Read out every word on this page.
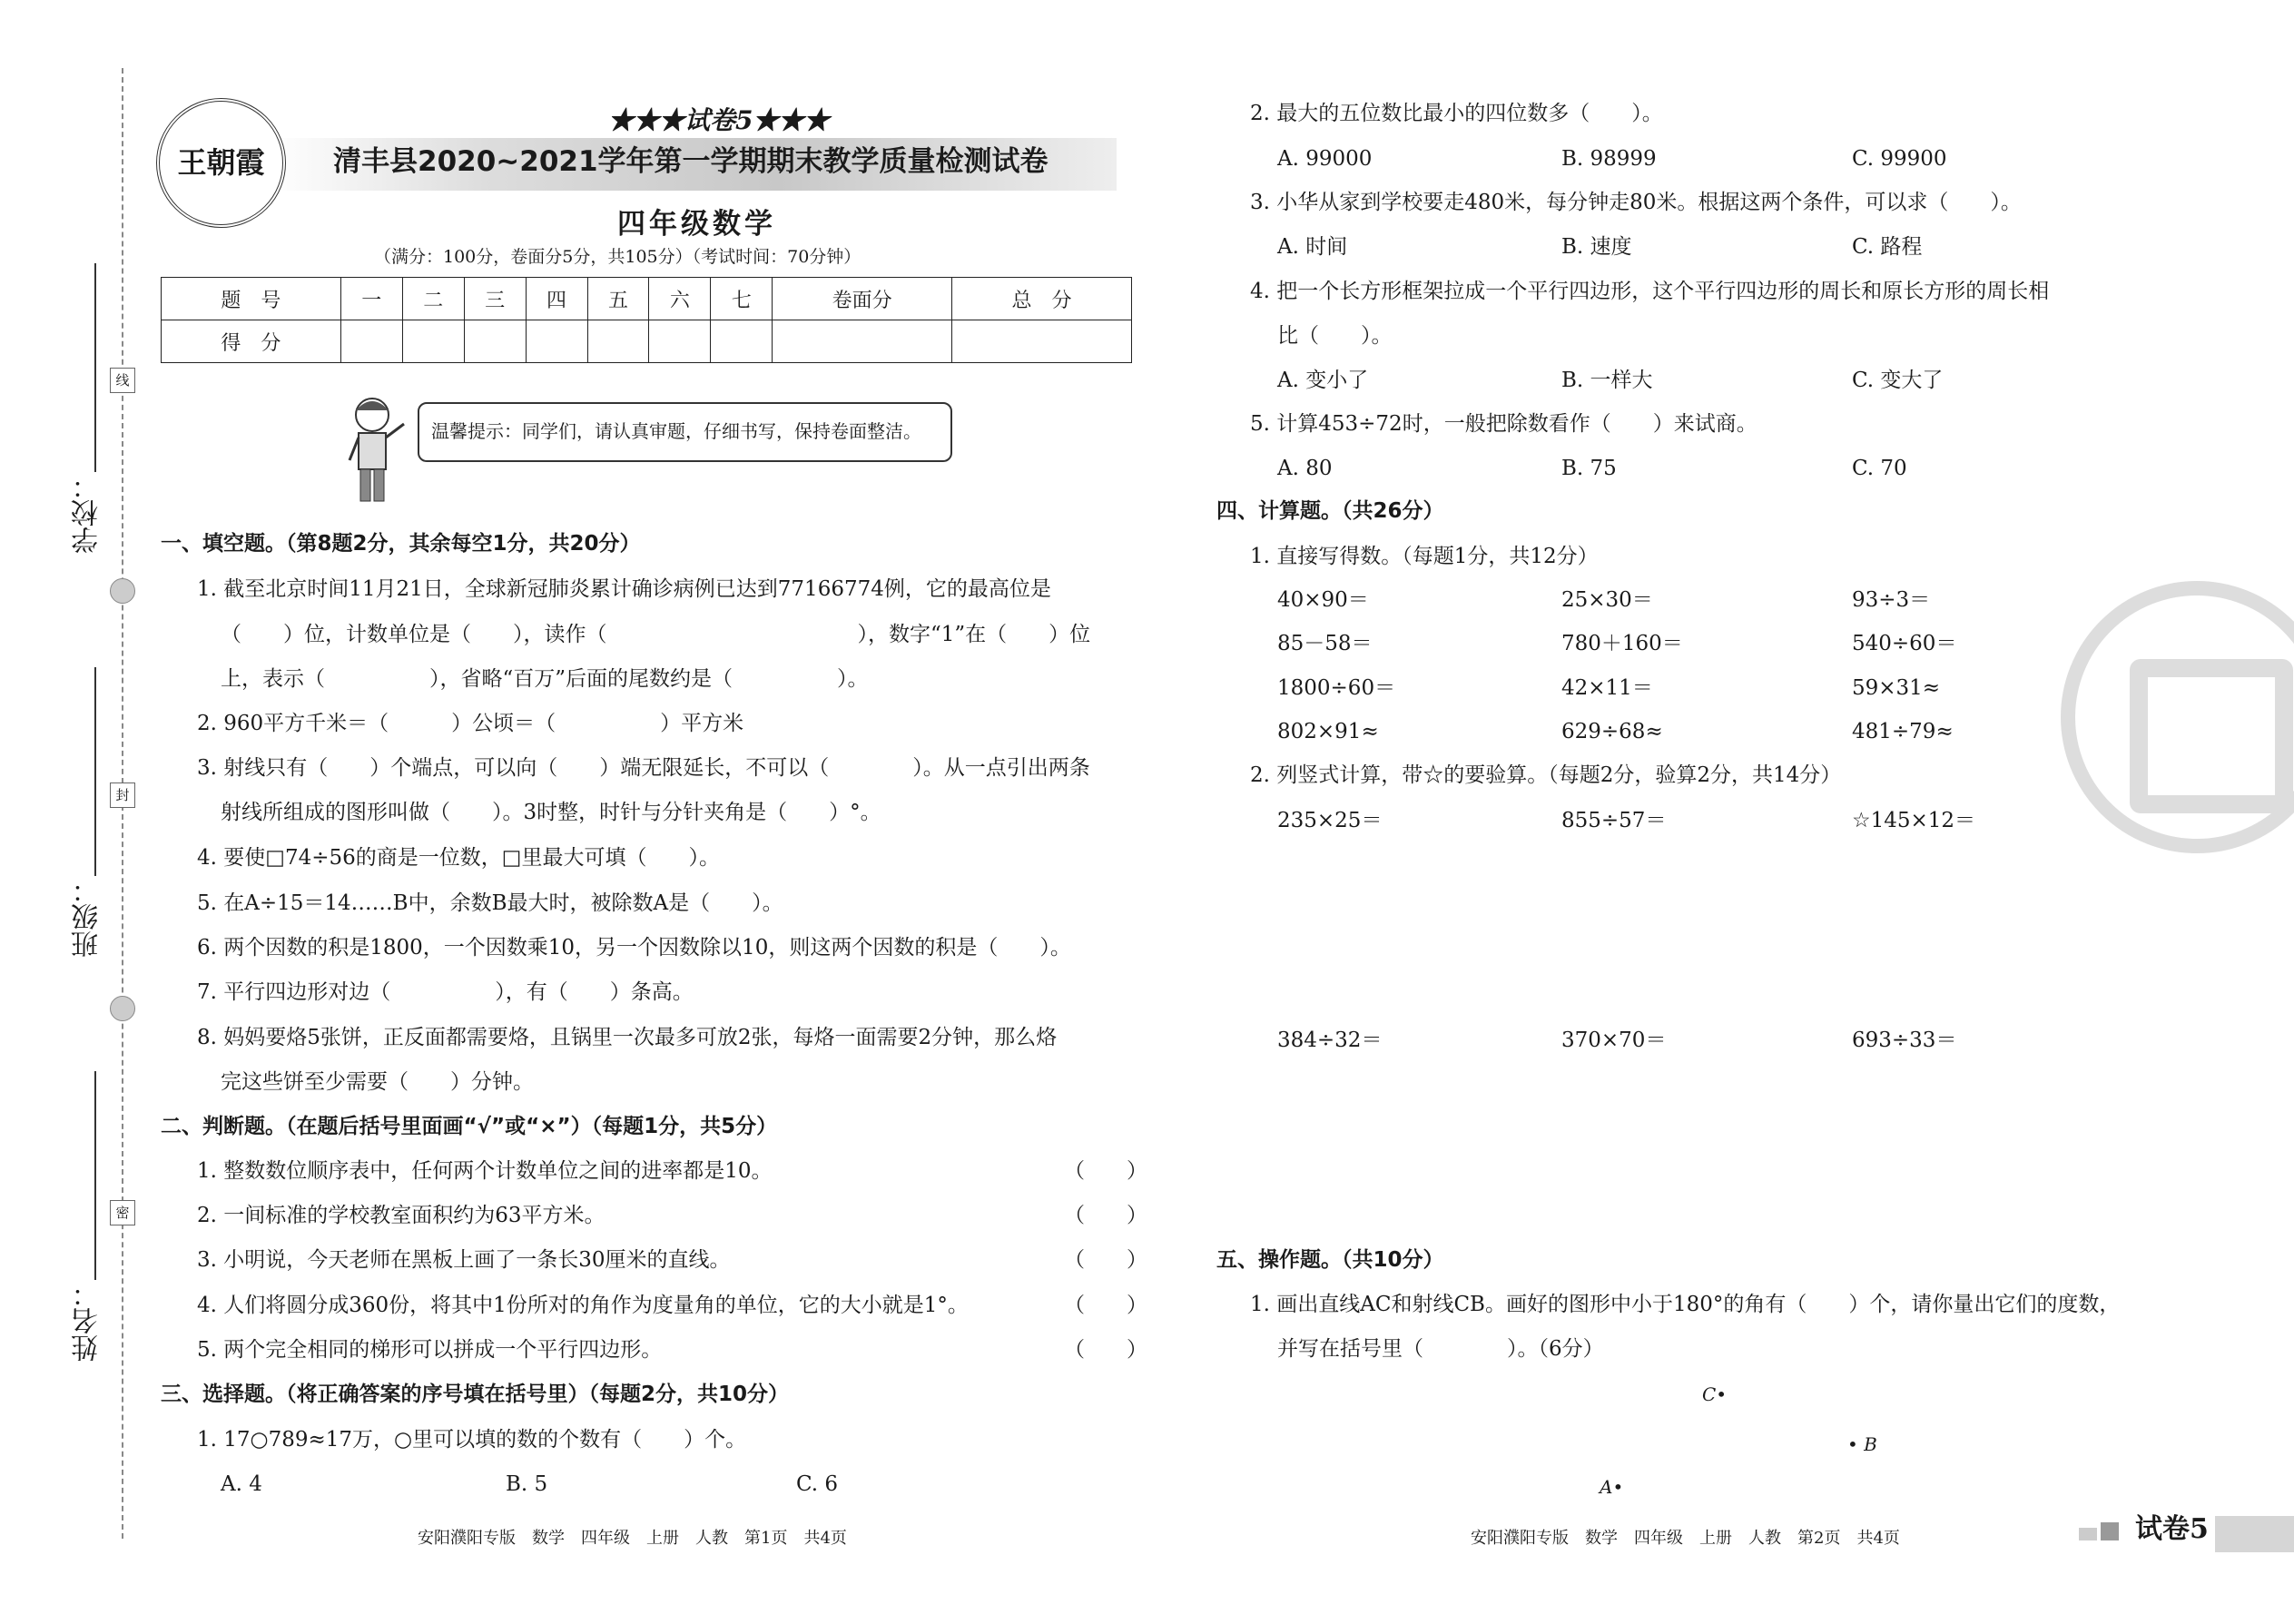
学校：
班级：
姓名：
线
封
密
王朝霞
★★★试卷5★★★
清丰县2020~2021学年第一学期期末教学质量检测试卷
四年级数学
（满分：100分，卷面分5分，共105分）（考试时间：70分钟）
题　号	一	二	三	四	五	六	七	卷面分	总　分
得　分									
温馨提示：同学们，请认真审题，仔细书写，保持卷面整洁。
一、填空题。（第8题2分，其余每空1分，共20分）
1. 截至北京时间11月21日，全球新冠肺炎累计确诊病例已达到77166774例，它的最高位是
（　　）位，计数单位是（　　），读作（　　　　　　　　　　　　），数字“1”在（　　）位
上，表示（　　　　　），省略“百万”后面的尾数约是（　　　　　）。
2. 960平方千米＝（　　　）公顷＝（　　　　　）平方米
3. 射线只有（　　）个端点，可以向（　　）端无限延长，不可以（　　　　）。从一点引出两条
射线所组成的图形叫做（　　）。3时整，时针与分针夹角是（　　）°。
4. 要使□74÷56的商是一位数，□里最大可填（　　）。
5. 在A÷15＝14……B中，余数B最大时，被除数A是（　　）。
6. 两个因数的积是1800，一个因数乘10，另一个因数除以10，则这两个因数的积是（　　）。
7. 平行四边形对边（　　　　　），有（　　）条高。
8. 妈妈要烙5张饼，正反面都需要烙，且锅里一次最多可放2张，每烙一面需要2分钟，那么烙
完这些饼至少需要（　　）分钟。
二、判断题。（在题后括号里面画“√”或“×”）（每题1分，共5分）
1. 整数数位顺序表中，任何两个计数单位之间的进率都是10。	（　　）
2. 一间标准的学校教室面积约为63平方米。	（　　）
3. 小明说，今天老师在黑板上画了一条长30厘米的直线。	（　　）
4. 人们将圆分成360份，将其中1份所对的角作为度量角的单位，它的大小就是1°。	（　　）
5. 两个完全相同的梯形可以拼成一个平行四边形。	（　　）
三、选择题。（将正确答案的序号填在括号里）（每题2分，共10分）
1. 17○789≈17万，○里可以填的数的个数有（　　）个。
A. 4	B. 5	C. 6
安阳濮阳专版　数学　四年级　上册　人教　第1页　共4页
2. 最大的五位数比最小的四位数多（　　）。
A. 99000	B. 98999	C. 99900
3. 小华从家到学校要走480米，每分钟走80米。根据这两个条件，可以求（　　）。
A. 时间	B. 速度	C. 路程
4. 把一个长方形框架拉成一个平行四边形，这个平行四边形的周长和原长方形的周长相
比（　　）。
A. 变小了	B. 一样大	C. 变大了
5. 计算453÷72时，一般把除数看作（　　）来试商。
A. 80	B. 75	C. 70
四、计算题。（共26分）
1. 直接写得数。（每题1分，共12分）
40×90＝	25×30＝	93÷3＝
85－58＝	780＋160＝	540÷60＝
1800÷60＝	42×11＝	59×31≈
802×91≈	629÷68≈	481÷79≈
2. 列竖式计算，带☆的要验算。（每题2分，验算2分，共14分）
235×25＝	855÷57＝	☆145×12＝
384÷32＝	370×70＝	693÷33＝
五、操作题。（共10分）
1. 画出直线AC和射线CB。画好的图形中小于180°的角有（　　）个，请你量出它们的度数，
并写在括号里（　　　　）。（6分）
C•
• B
A•
安阳濮阳专版　数学　四年级　上册　人教　第2页　共4页	试卷5
